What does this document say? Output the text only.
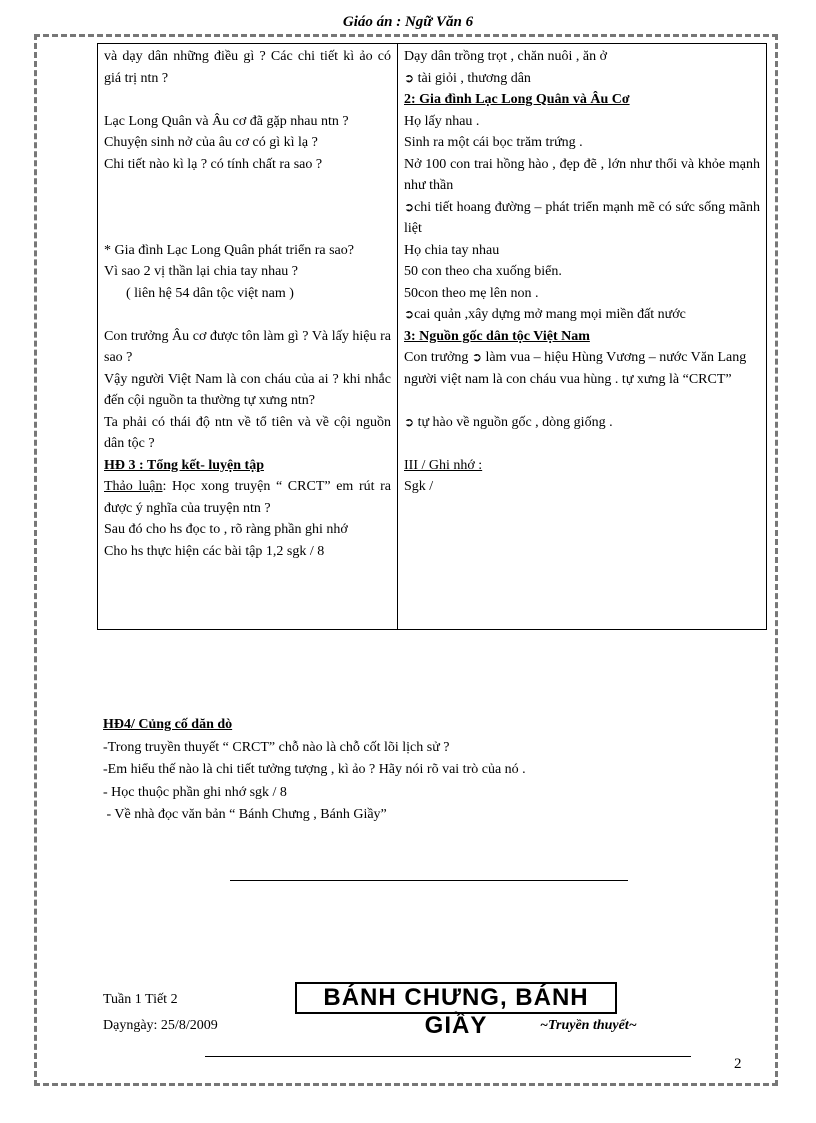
Giáo án : Ngữ Văn 6
và dạy dân những điều gì ? Các chi tiết kì ảo có giá trị ntn ?
Lạc Long Quân và Âu cơ đã gặp nhau ntn ?
Chuyện sinh nở của âu cơ có gì kì lạ ?
Chi tiết nào kì lạ ? có tính chất ra sao ?
* Gia đình Lạc Long Quân phát triển ra sao?
Vì sao 2 vị thần lại chia tay nhau ?
( liên hệ 54 dân tộc việt nam )
Con trưởng Âu cơ được tôn làm gì ? Và lấy hiệu ra sao ?
Vậy người Việt Nam là con cháu của ai ? khi nhắc đến cội nguồn ta thường tự xưng ntn?
Ta phải có thái độ ntn về tổ tiên và về cội nguồn dân tộc ?
HĐ 3 : Tổng kết- luyện tập
Thảo luận: Học xong truyện “ CRCT” em rút ra được ý nghĩa của truyện ntn ?
Sau đó cho hs đọc to , rõ ràng phần ghi nhớ
Cho hs thực hiện các bài tập 1,2 sgk / 8

Dạy dân trồng trọt , chăn nuôi , ăn ở
➲ tài giỏi , thương dân
2: Gia đình Lạc Long Quân và Âu Cơ
Họ lấy nhau .
Sinh ra một cái bọc trăm trứng .
Nở 100 con trai hồng hào , đẹp đẽ , lớn như thổi và khỏe mạnh như thần
➲chi tiết hoang đường – phát triển mạnh mẽ có sức sống mãnh liệt
Họ chia tay nhau
50 con theo cha xuống biển.
50con theo mẹ lên non .
➲cai quản ,xây dựng mở mang mọi miền đất nước
3: Nguồn gốc dân tộc Việt Nam
Con trưởng ➲ làm vua – hiệu Hùng Vương – nước Văn Lang
người việt nam là con cháu vua hùng . tự xưng là “CRCT”
➲ tự hào về nguồn gốc , dòng giống .
III / Ghi nhớ :
Sgk /
HĐ4/ Củng cố dăn dò
-Trong truyền thuyết “ CRCT” chỗ nào là chỗ cốt lõi lịch sử ?
-Em hiểu thế nào là chi tiết tưởng tượng , kì ảo ? Hãy nói rõ vai trò của nó .
- Học thuộc phần ghi nhớ sgk / 8
- Về nhà đọc văn bản “ Bánh Chưng , Bánh Giầy”
Tuần 1 Tiết 2	BÁNH CHƯNG, BÁNH GIẦY
Dạyngày: 25/8/2009	~Truyền thuyết~
2
